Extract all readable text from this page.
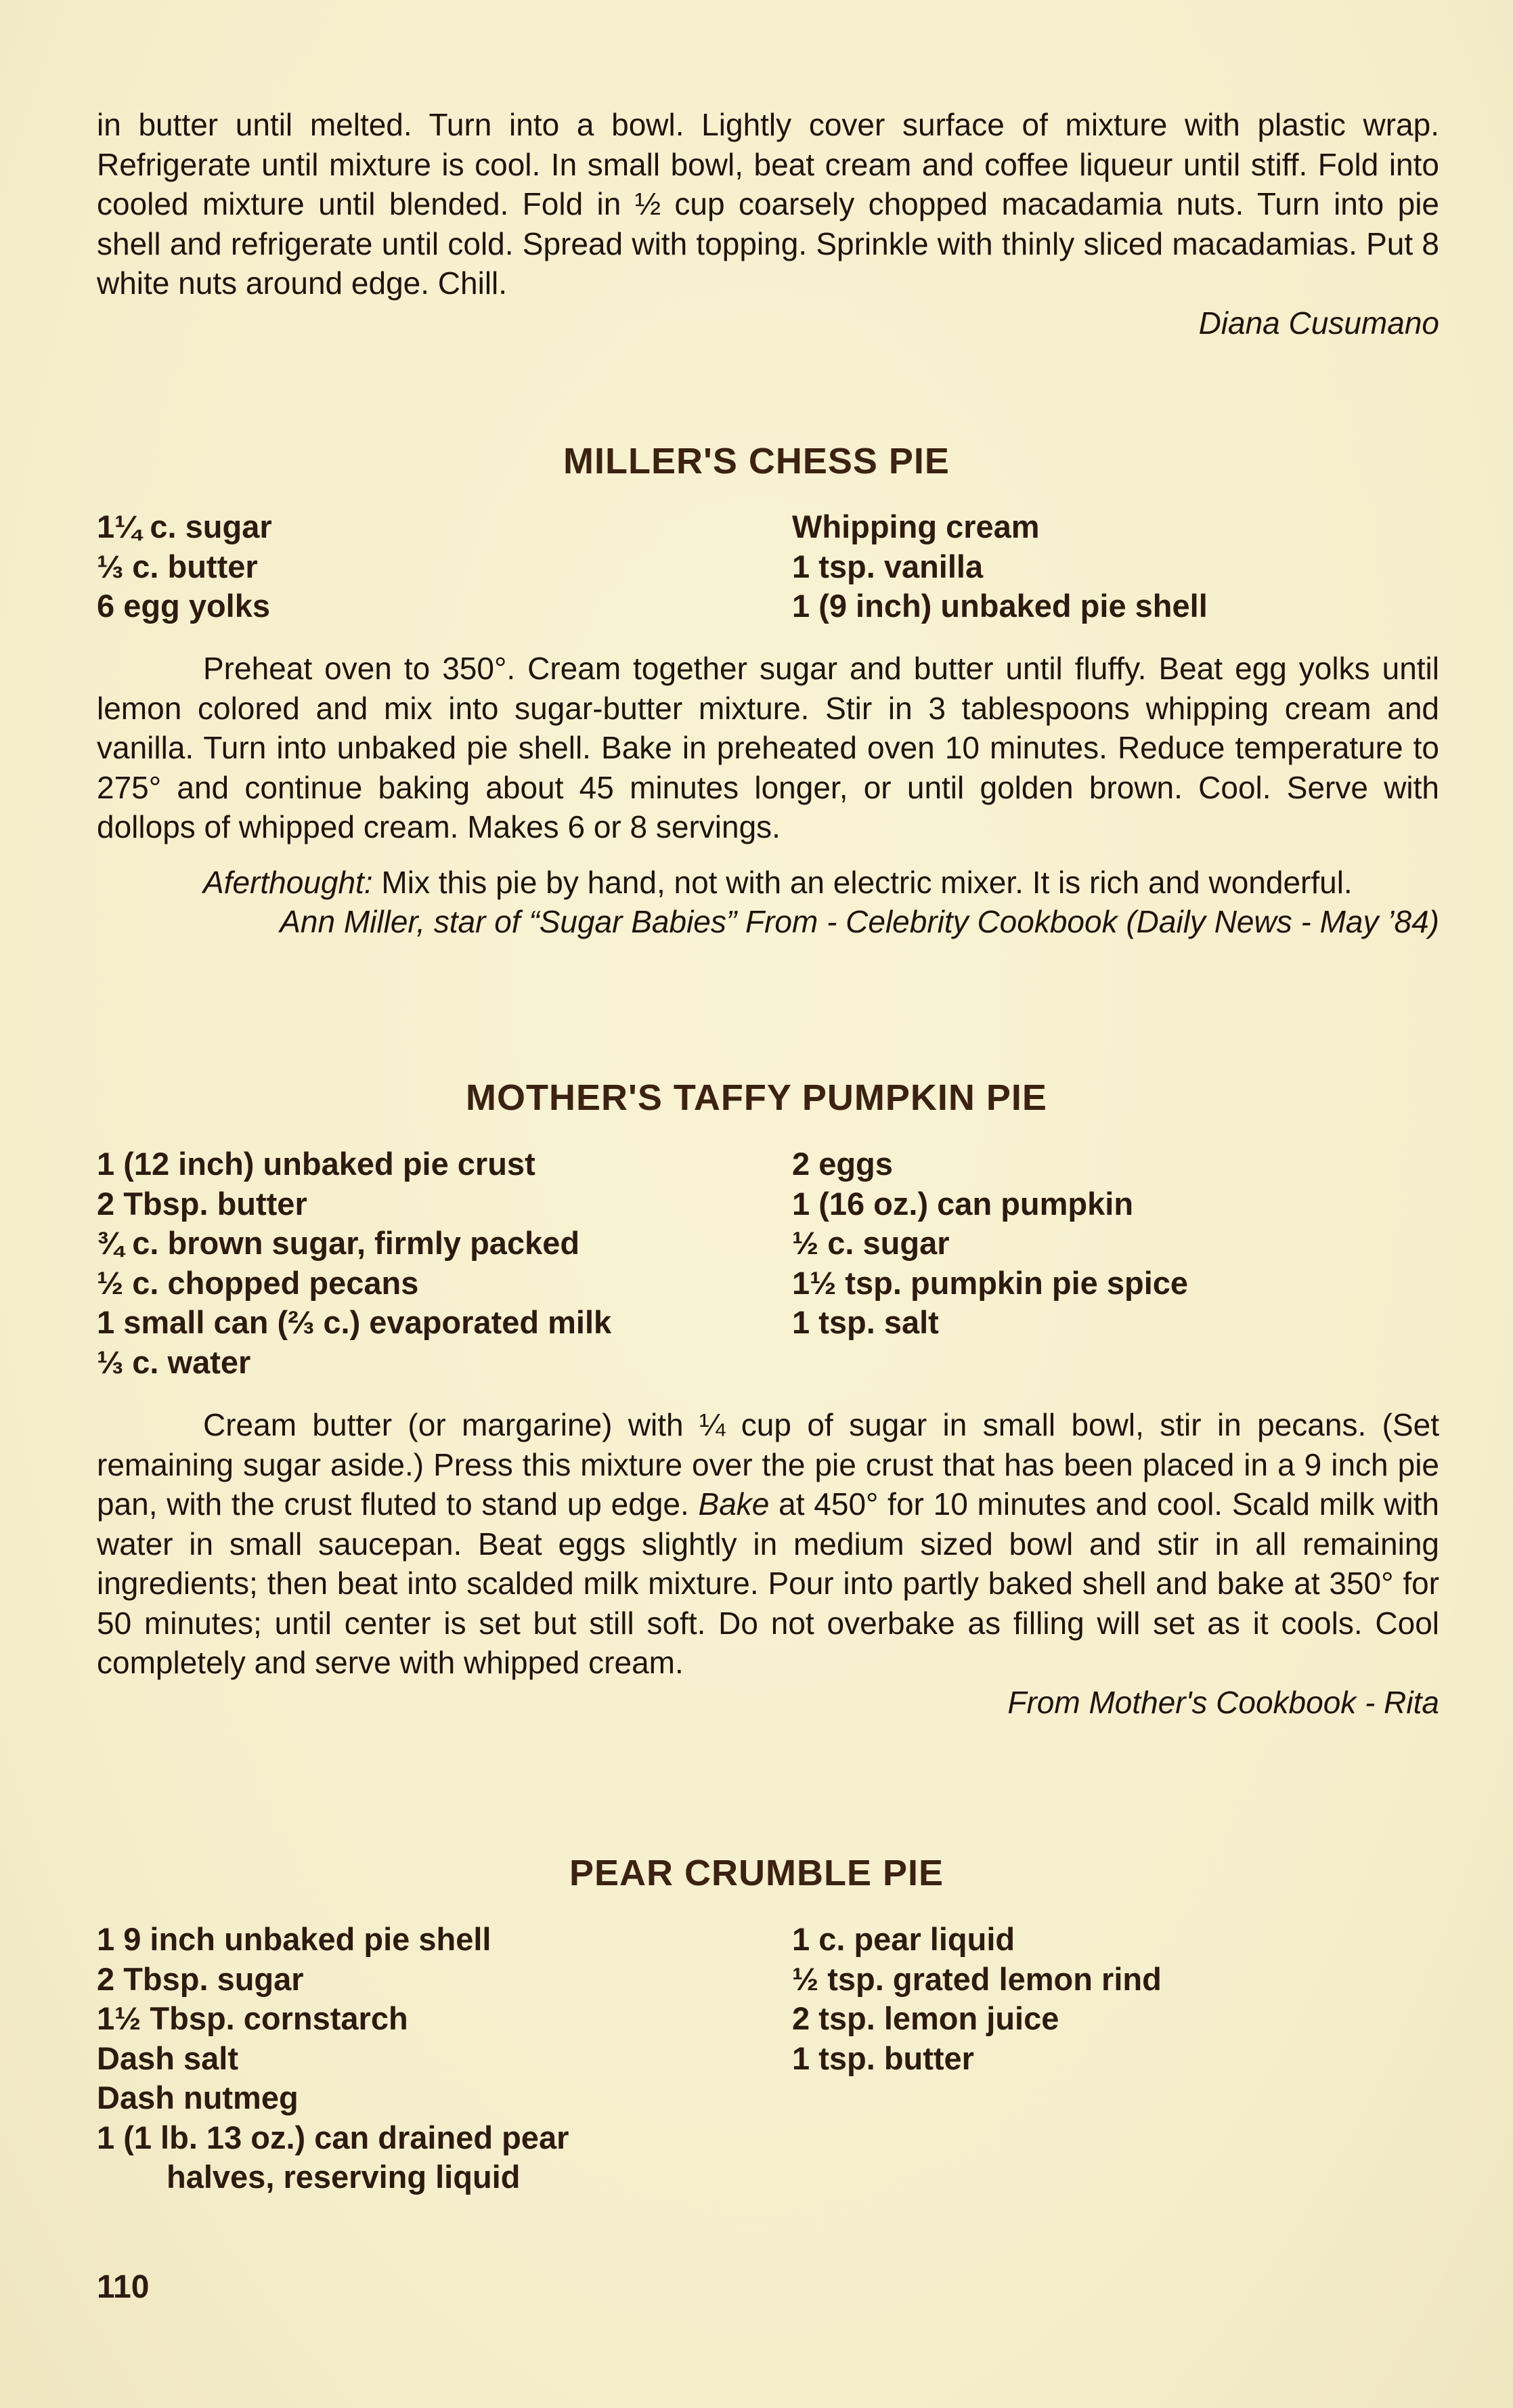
in butter until melted. Turn into a bowl. Lightly cover surface of mixture with plastic wrap. Refrigerate until mixture is cool. In small bowl, beat cream and coffee liqueur until stiff. Fold into cooled mixture until blended. Fold in ½ cup coarsely chopped macadamia nuts. Turn into pie shell and refrigerate until cold. Spread with topping. Sprinkle with thinly sliced macadamias. Put 8 white nuts around edge. Chill.

Diana Cusumano

MILLER'S CHESS PIE
1¼ c. sugar
⅓ c. butter
6 egg yolks
Whipping cream
1 tsp. vanilla
1 (9 inch) unbaked pie shell

Preheat oven to 350°. Cream together sugar and butter until fluffy. Beat egg yolks until lemon colored and mix into sugar-butter mixture. Stir in 3 tablespoons whipping cream and vanilla. Turn into unbaked pie shell. Bake in preheated oven 10 minutes. Reduce temperature to 275° and continue baking about 45 minutes longer, or until golden brown. Cool. Serve with dollops of whipped cream. Makes 6 or 8 servings.

Aferthought: Mix this pie by hand, not with an electric mixer. It is rich and wonderful.

Ann Miller, star of “Sugar Babies” From - Celebrity Cookbook (Daily News - May ’84)

MOTHER'S TAFFY PUMPKIN PIE
1 (12 inch) unbaked pie crust
2 Tbsp. butter
¾ c. brown sugar, firmly packed
½ c. chopped pecans
1 small can (⅔ c.) evaporated milk
⅓ c. water
2 eggs
1 (16 oz.) can pumpkin
½ c. sugar
1½ tsp. pumpkin pie spice
1 tsp. salt

Cream butter (or margarine) with ¼ cup of sugar in small bowl, stir in pecans. (Set remaining sugar aside.) Press this mixture over the pie crust that has been placed in a 9 inch pie pan, with the crust fluted to stand up edge. Bake at 450° for 10 minutes and cool. Scald milk with water in small saucepan. Beat eggs slightly in medium sized bowl and stir in all remaining ingredients; then beat into scalded milk mixture. Pour into partly baked shell and bake at 350° for 50 minutes; until center is set but still soft. Do not overbake as filling will set as it cools. Cool completely and serve with whipped cream.

From Mother's Cookbook - Rita

PEAR CRUMBLE PIE
1 9 inch unbaked pie shell
2 Tbsp. sugar
1½ Tbsp. cornstarch
Dash salt
Dash nutmeg
1 (1 lb. 13 oz.) can drained pear
halves, reserving liquid
1 c. pear liquid
½ tsp. grated lemon rind
2 tsp. lemon juice
1 tsp. butter
110
